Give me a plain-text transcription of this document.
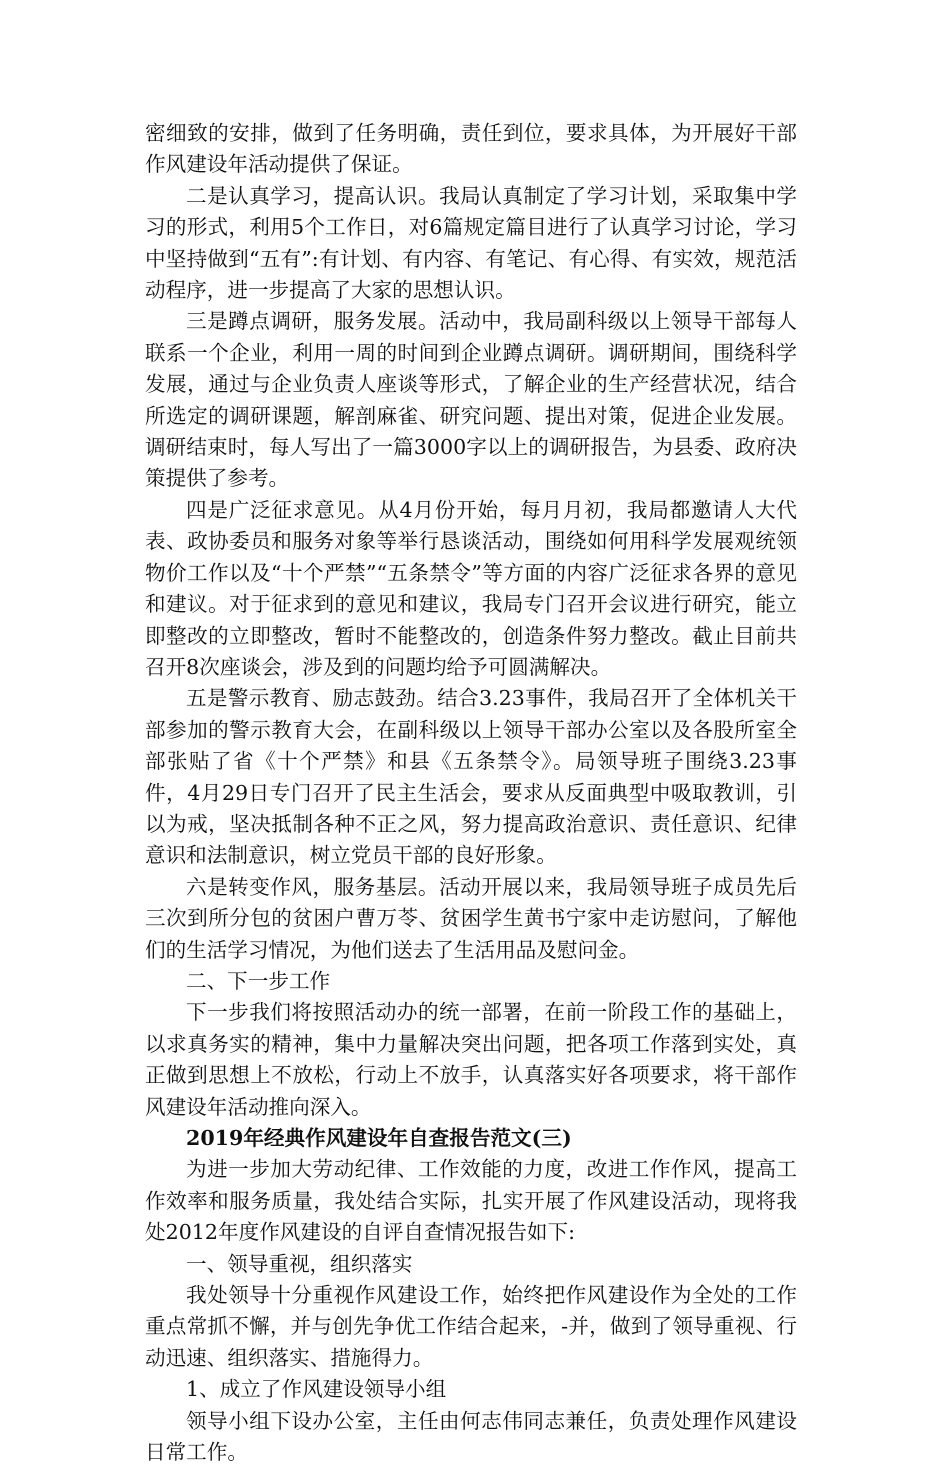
密细致的安排，做到了任务明确，责任到位，要求具体，为开展好干部作风建设年活动提供了保证。

二是认真学习，提高认识。我局认真制定了学习计划，采取集中学习的形式，利用5个工作日，对6篇规定篇目进行了认真学习讨论，学习中坚持做到“五有”:有计划、有内容、有笔记、有心得、有实效，规范活动程序，进一步提高了大家的思想认识。

三是蹲点调研，服务发展。活动中，我局副科级以上领导干部每人联系一个企业，利用一周的时间到企业蹲点调研。调研期间，围绕科学发展，通过与企业负责人座谈等形式，了解企业的生产经营状况，结合所选定的调研课题，解剖麻雀、研究问题、提出对策，促进企业发展。调研结束时，每人写出了一篇3000字以上的调研报告，为县委、政府决策提供了参考。

四是广泛征求意见。从4月份开始，每月月初，我局都邀请人大代表、政协委员和服务对象等举行恳谈活动，围绕如何用科学发展观统领物价工作以及“十个严禁”“五条禁令”等方面的内容广泛征求各界的意见和建议。对于征求到的意见和建议，我局专门召开会议进行研究，能立即整改的立即整改，暂时不能整改的，创造条件努力整改。截止目前共召开8次座谈会，涉及到的问题均给予可圆满解决。

五是警示教育、励志鼓劲。结合3.23事件，我局召开了全体机关干部参加的警示教育大会，在副科级以上领导干部办公室以及各股所室全部张贴了省《十个严禁》和县《五条禁令》。局领导班子围绕3.23事件，4月29日专门召开了民主生活会，要求从反面典型中吸取教训，引以为戒，坚决抵制各种不正之风，努力提高政治意识、责任意识、纪律意识和法制意识，树立党员干部的良好形象。

六是转变作风，服务基层。活动开展以来，我局领导班子成员先后三次到所分包的贫困户曹万苓、贫困学生黄书宁家中走访慰问，了解他们的生活学习情况，为他们送去了生活用品及慰问金。

二、下一步工作

下一步我们将按照活动办的统一部署，在前一阶段工作的基础上，以求真务实的精神，集中力量解决突出问题，把各项工作落到实处，真正做到思想上不放松，行动上不放手，认真落实好各项要求，将干部作风建设年活动推向深入。

2019年经典作风建设年自查报告范文(三)

为进一步加大劳动纪律、工作效能的力度，改进工作作风，提高工作效率和服务质量，我处结合实际，扎实开展了作风建设活动，现将我处2012年度作风建设的自评自查情况报告如下:

一、领导重视，组织落实

我处领导十分重视作风建设工作，始终把作风建设作为全处的工作重点常抓不懈，并与创先争优工作结合起来，-并，做到了领导重视、行动迅速、组织落实、措施得力。

1、成立了作风建设领导小组

领导小组下设办公室，主任由何志伟同志兼任，负责处理作风建设日常工作。
